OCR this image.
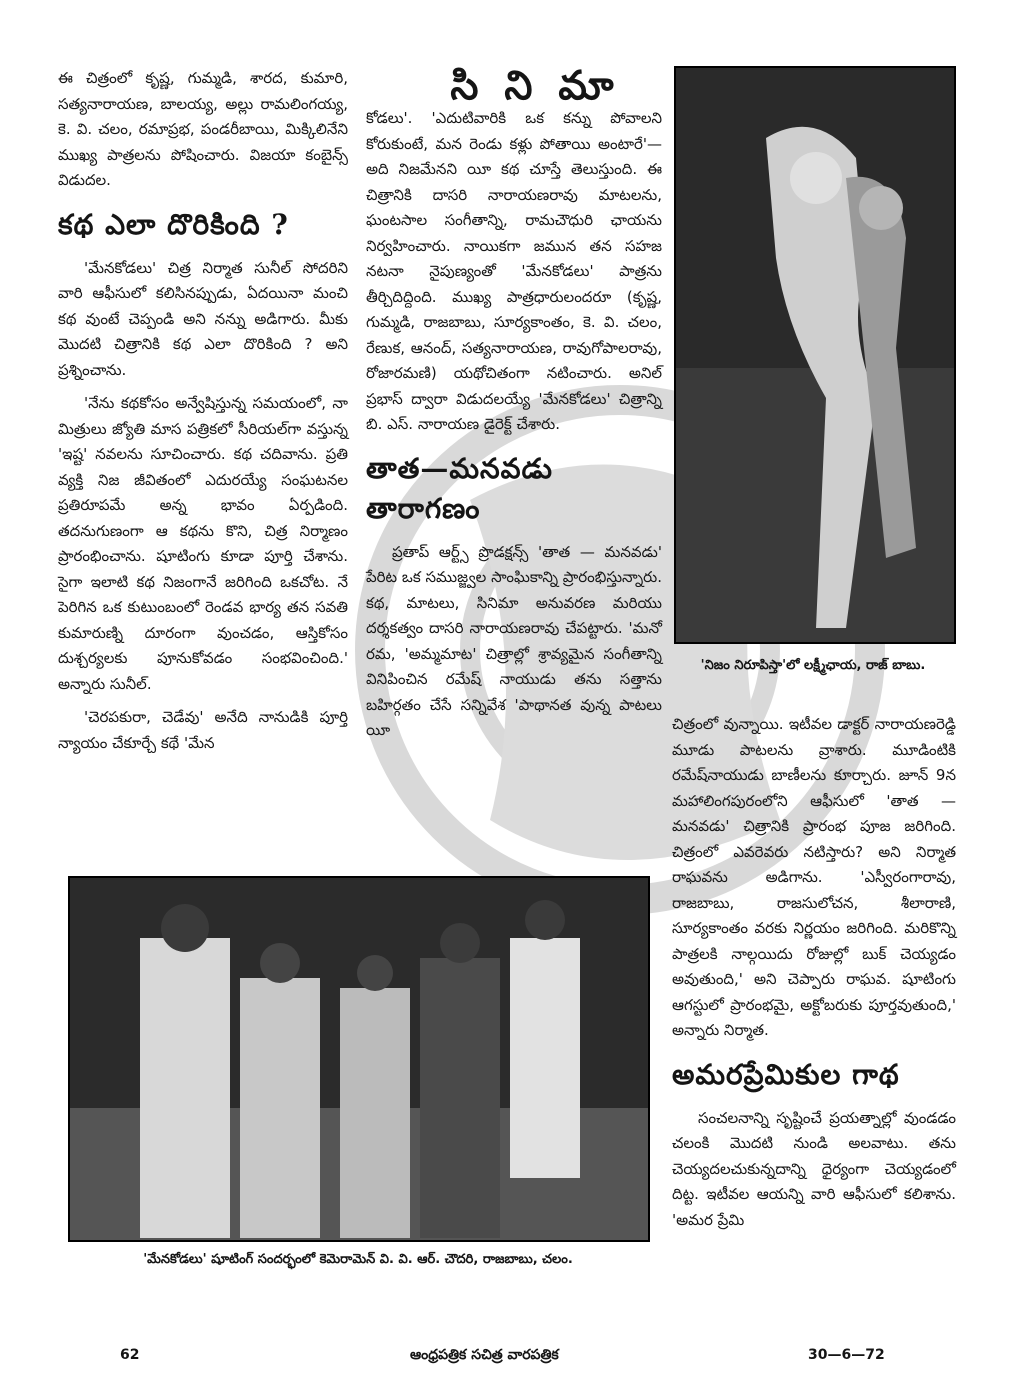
సి ని మా

ఈ చిత్రంలో కృష్ణ, గుమ్మడి, శారద, కుమారి, సత్యనారాయణ, బాలయ్య, అల్లు రామలింగయ్య, కె. వి. చలం, రమాప్రభ, పండరీబాయి, మిక్కిలినేని ముఖ్య పాత్రలను పోషించారు. విజయా కంబైన్స్ విడుదల.

కథ ఎలా దొరికింది ?

'మేనకోడలు' చిత్ర నిర్మాత సునీల్ సోదరిని వారి ఆఫీసులో కలిసినప్పుడు, ఏదయినా మంచి కథ వుంటే చెప్పండి అని నన్ను అడిగారు. మీకు మొదటి చిత్రానికి కథ ఎలా దొరికింది ? అని ప్రశ్నించాను.

'నేను కథకోసం అన్వేషిస్తున్న సమయంలో, నా మిత్రులు జ్యోతి మాస పత్రికలో సీరియల్‌గా వస్తున్న 'ఇష్ట' నవలను సూచించారు. కథ చదివాను. ప్రతి వ్యక్తి నిజ జీవితంలో ఎదురయ్యే సంఘటనల ప్రతిరూపమే అన్న భావం ఏర్పడింది. తదనుగుణంగా ఆ కథను కొని, చిత్ర నిర్మాణం ప్రారంభించాను. షూటింగు కూడా పూర్తి చేశాను. సైగా ఇలాటి కథ నిజంగానే జరిగింది ఒకచోట. నే పెరిగిన ఒక కుటుంబంలో రెండవ భార్య తన సవతి కుమారుణ్ని దూరంగా వుంచడం, ఆస్తికోసం దుశ్చర్యలకు పూనుకోవడం సంభవించింది.' అన్నారు సునీల్.

'చెరపకురా, చెడేవు' అనేది నానుడికి పూర్తి న్యాయం చేకూర్చే కథే 'మేన

కోడలు'. 'ఎదుటివారికి ఒక కన్ను పోవాలని కోరుకుంటే, మన రెండు కళ్లు పోతాయి అంటారే'—అది నిజమేనని యీ కథ చూస్తే తెలుస్తుంది. ఈ చిత్రానికి దాసరి నారాయణరావు మాటలను, ఘంటసాల సంగీతాన్ని, రామచౌధురి ఛాయను నిర్వహించారు. నాయికగా జమున తన సహజ నటనా నైపుణ్యంతో 'మేనకోడలు' పాత్రను తీర్చిదిద్దింది. ముఖ్య పాత్రధారులందరూ (కృష్ణ, గుమ్మడి, రాజబాబు, సూర్యకాంతం, కె. వి. చలం, రేణుక, ఆనంద్, సత్యనారాయణ, రావుగోపాలరావు, రోజారమణి) యథోచితంగా నటించారు. అనిల్ ప్రభాస్ ద్వారా విడుదలయ్యే 'మేనకోడలు' చిత్రాన్ని బి. ఎస్. నారాయణ డైరెక్ట్ చేశారు.

తాత—మనవడు తారాగణం

ప్రతాప్ ఆర్ట్స్ ప్రొడక్షన్స్ 'తాత — మనవడు' పేరిట ఒక సముజ్జ్వల సాంఘికాన్ని ప్రారంభిస్తున్నారు. కథ, మాటలు, సినిమా అనువరణ మరియు దర్శకత్వం దాసరి నారాయణరావు చేపట్టారు. 'మనో రమ, 'అమ్మమాట' చిత్రాల్లో శ్రావ్యమైన సంగీతాన్ని వినిపించిన రమేష్ నాయుడు తను సత్తాను బహిర్గతం చేసే సన్నివేశ 'పాథానత వున్న పాటలు యీ

'నిజం నిరూపిస్తా'లో లక్ష్మీఛాయ, రాజ్ బాబు.

చిత్రంలో వున్నాయి. ఇటీవల డాక్టర్ నారాయణరెడ్డి మూడు పాటలను వ్రాశారు. మూడింటికి రమేష్‌నాయుడు బాణీలను కూర్చారు. జూన్ 9న మహాలింగపురంలోని ఆఫీసులో 'తాత — మనవడు' చిత్రానికి ప్రారంభ పూజ జరిగింది. చిత్రంలో ఎవరెవరు నటిస్తారు? అని నిర్మాత రాఘవను అడిగాను. 'ఎస్వీరంగారావు, రాజబాబు, రాజసులోచన, శీలారాణి, సూర్యకాంతం వరకు నిర్ణయం జరిగింది. మరికొన్ని పాత్రలకి నాల్గయిదు రోజుల్లో బుక్ చెయ్యడం అవుతుంది,' అని చెప్పారు రాఘవ. షూటింగు ఆగస్టులో ప్రారంభమై, అక్టోబరుకు పూర్తవుతుంది,' అన్నారు నిర్మాత.

అమరప్రేమికుల గాథ

సంచలనాన్ని సృష్టించే ప్రయత్నాల్లో వుండడం చలంకి మొదటి నుండి అలవాటు. తను చెయ్యదలచుకున్నదాన్ని ధైర్యంగా చెయ్యడంలో దిట్ట. ఇటీవల ఆయన్ని వారి ఆఫీసులో కలిశాను. 'అమర ప్రేమి

'మేనకోడలు' షూటింగ్ సందర్భంలో కెమెరామెన్ వి. వి. ఆర్. చౌదరి, రాజబాబు, చలం.
62	ఆంధ్రపత్రిక సచిత్ర వారపత్రిక	30—6—72
